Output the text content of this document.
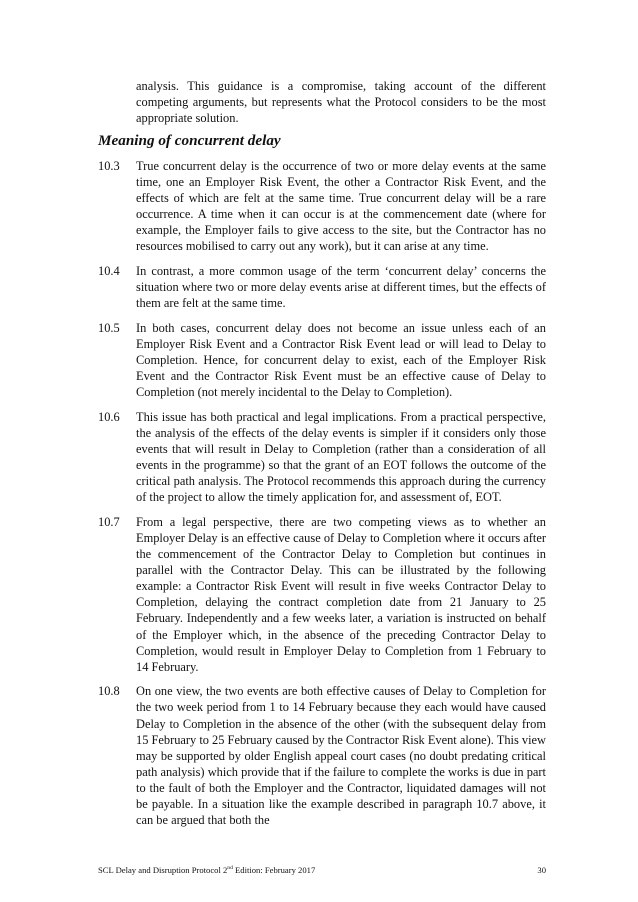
analysis. This guidance is a compromise, taking account of the different competing arguments, but represents what the Protocol considers to be the most appropriate solution.

Meaning of concurrent delay
10.3	True concurrent delay is the occurrence of two or more delay events at the same time, one an Employer Risk Event, the other a Contractor Risk Event, and the effects of which are felt at the same time. True concurrent delay will be a rare occurrence. A time when it can occur is at the commencement date (where for example, the Employer fails to give access to the site, but the Contractor has no resources mobilised to carry out any work), but it can arise at any time.
10.4	In contrast, a more common usage of the term ‘concurrent delay’ concerns the situation where two or more delay events arise at different times, but the effects of them are felt at the same time.
10.5	In both cases, concurrent delay does not become an issue unless each of an Employer Risk Event and a Contractor Risk Event lead or will lead to Delay to Completion. Hence, for concurrent delay to exist, each of the Employer Risk Event and the Contractor Risk Event must be an effective cause of Delay to Completion (not merely incidental to the Delay to Completion).
10.6	This issue has both practical and legal implications. From a practical perspective, the analysis of the effects of the delay events is simpler if it considers only those events that will result in Delay to Completion (rather than a consideration of all events in the programme) so that the grant of an EOT follows the outcome of the critical path analysis. The Protocol recommends this approach during the currency of the project to allow the timely application for, and assessment of, EOT.
10.7	From a legal perspective, there are two competing views as to whether an Employer Delay is an effective cause of Delay to Completion where it occurs after the commencement of the Contractor Delay to Completion but continues in parallel with the Contractor Delay. This can be illustrated by the following example: a Contractor Risk Event will result in five weeks Contractor Delay to Completion, delaying the contract completion date from 21 January to 25 February. Independently and a few weeks later, a variation is instructed on behalf of the Employer which, in the absence of the preceding Contractor Delay to Completion, would result in Employer Delay to Completion from 1 February to 14 February.
10.8	On one view, the two events are both effective causes of Delay to Completion for the two week period from 1 to 14 February because they each would have caused Delay to Completion in the absence of the other (with the subsequent delay from 15 February to 25 February caused by the Contractor Risk Event alone). This view may be supported by older English appeal court cases (no doubt predating critical path analysis) which provide that if the failure to complete the works is due in part to the fault of both the Employer and the Contractor, liquidated damages will not be payable. In a situation like the example described in paragraph 10.7 above, it can be argued that both the
SCL Delay and Disruption Protocol 2nd Edition: February 2017	30
